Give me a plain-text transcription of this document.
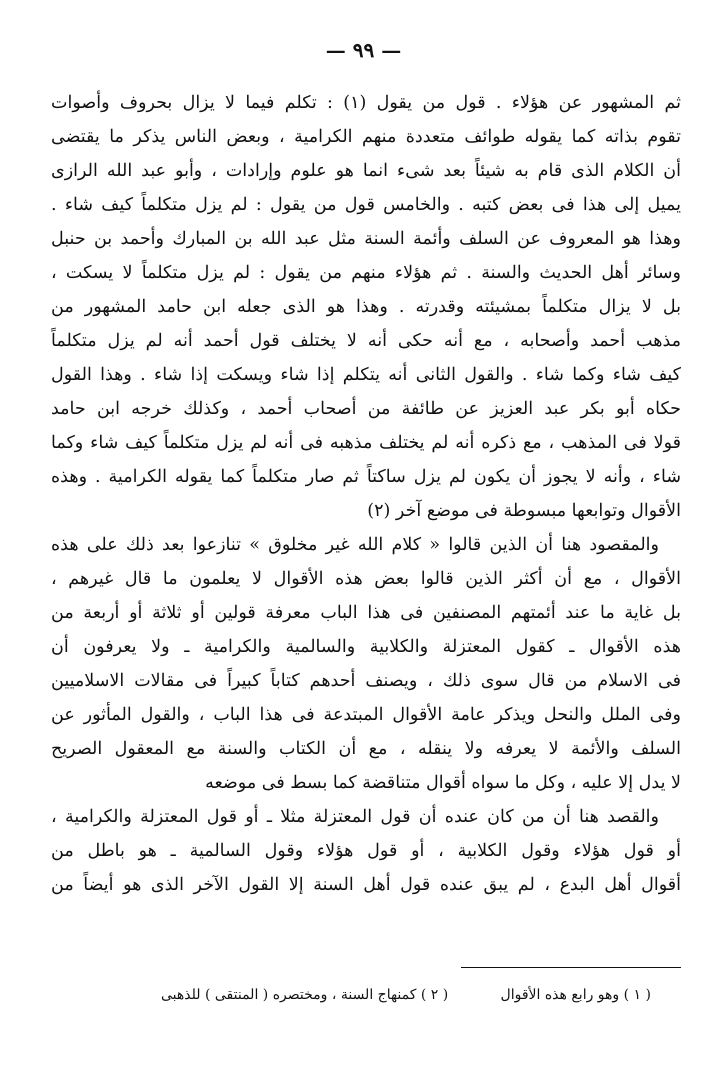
— ٩٩ —
ثم المشهور عن هؤلاء . قول من يقول (١) : تكلم فيما لا يزال بحروف وأصوات
تقوم بذاته كما يقوله طوائف متعددة منهم الكرامية ، وبعض الناس يذكر ما يقتضى
أن الكلام الذى قام به شيئاً بعد شىء انما هو علوم وإرادات ، وأبو عبد الله الرازى
يميل إلى هذا فى بعض كتبه . والخامس قول من يقول : لم يزل متكلماً كيف شاء .
وهذا هو المعروف عن السلف وأئمة السنة مثل عبد الله بن المبارك وأحمد بن حنبل
وسائر أهل الحديث والسنة . ثم هؤلاء منهم من يقول : لم يزل متكلماً لا يسكت ،
بل لا يزال متكلماً بمشيئته وقدرته . وهذا هو الذى جعله ابن حامد المشهور من
مذهب أحمد وأصحابه ، مع أنه حكى أنه لا يختلف قول أحمد أنه لم يزل متكلماً
كيف شاء وكما شاء . والقول الثانى أنه يتكلم إذا شاء ويسكت إذا شاء . وهذا القول
حكاه أبو بكر عبد العزيز عن طائفة من أصحاب أحمد ، وكذلك خرجه ابن حامد
قولا فى المذهب ، مع ذكره أنه لم يختلف مذهبه فى أنه لم يزل متكلماً كيف شاء وكما
شاء ، وأنه لا يجوز أن يكون لم يزل ساكتاً ثم صار متكلماً كما يقوله الكرامية . وهذه
الأقوال وتوابعها مبسوطة فى موضع آخر (٢)
والمقصود هنا أن الذين قالوا « كلام الله غير مخلوق » تنازعوا بعد ذلك على هذه
الأقوال ، مع أن أكثر الذين قالوا بعض هذه الأقوال لا يعلمون ما قال غيرهم ،
بل غاية ما عند أئمتهم المصنفين فى هذا الباب معرفة قولين أو ثلاثة أو أربعة من
هذه الأقوال ـ كقول المعتزلة والكلابية والسالمية والكرامية ـ ولا يعرفون أن
فى الاسلام من قال سوى ذلك ، ويصنف أحدهم كتاباً كبيراً فى مقالات الاسلاميين
وفى الملل والنحل ويذكر عامة الأقوال المبتدعة فى هذا الباب ، والقول المأثور عن
السلف والأئمة لا يعرفه ولا ينقله ، مع أن الكتاب والسنة مع المعقول الصريح
لا يدل إلا عليه ، وكل ما سواه أقوال متناقضة كما بسط فى موضعه
والقصد هنا أن من كان عنده أن قول المعتزلة مثلا ـ أو قول المعتزلة والكرامية ،
أو قول هؤلاء وقول الكلابية ، أو قول هؤلاء وقول السالمية ـ هو باطل من
أقوال أهل البدع ، لم يبق عنده قول أهل السنة إلا القول الآخر الذى هو أيضاً من
( ١ ) وهو رابع هذه الأقوال
( ٢ ) كمنهاج السنة ، ومختصره ( المنتقى ) للذهبى
